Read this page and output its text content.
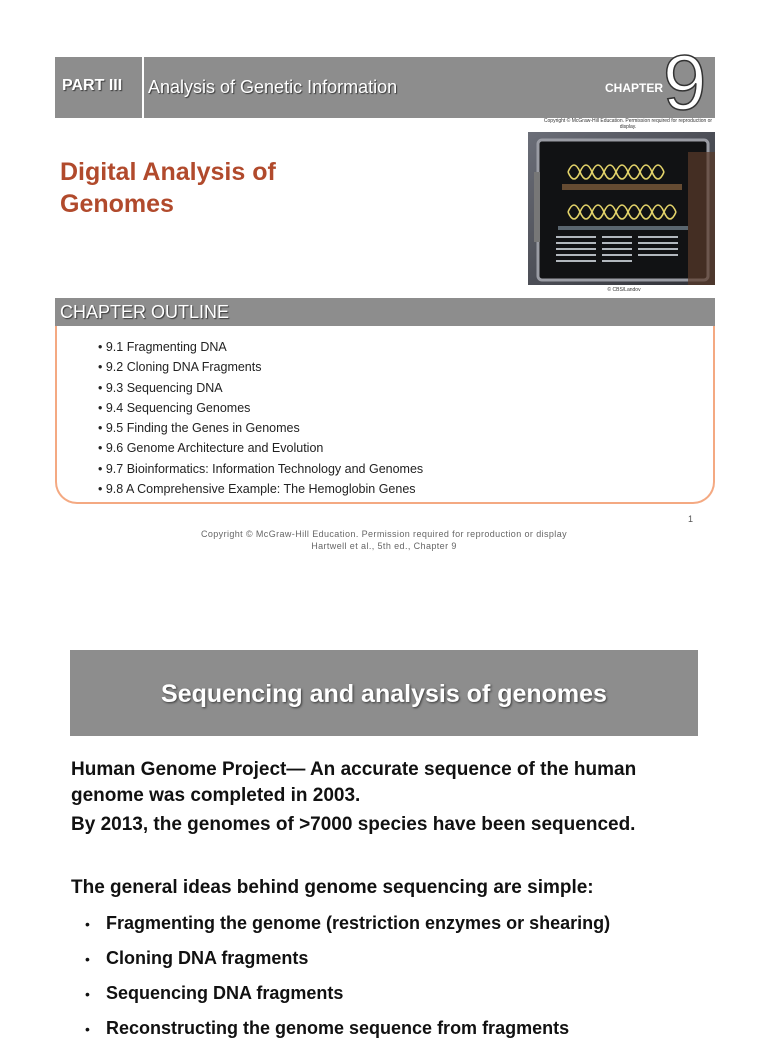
PART III Analysis of Genetic Information	CHAPTER 9
Copyright © McGraw-Hill Education. Permission required for reproduction or display.
© CBS/Landov
Digital Analysis of
Genomes
CHAPTER OUTLINE
• 9.1 Fragmenting DNA
• 9.2 Cloning DNA Fragments
• 9.3 Sequencing DNA
• 9.4 Sequencing Genomes
• 9.5 Finding the Genes in Genomes
• 9.6 Genome Architecture and Evolution
• 9.7 Bioinformatics: Information Technology and Genomes
• 9.8 A Comprehensive Example: The Hemoglobin Genes
1
Copyright © McGraw-Hill Education. Permission required for reproduction or display
Hartwell et al., 5th ed., Chapter 9
Sequencing and analysis of genomes
Human Genome Project— An accurate sequence of the human
genome was completed in 2003.
By 2013, the genomes of >7000 species have been sequenced.
The general ideas behind genome sequencing are simple:
• Fragmenting the genome (restriction enzymes or shearing)
• Cloning DNA fragments
• Sequencing DNA fragments
• Reconstructing the genome sequence from fragments
